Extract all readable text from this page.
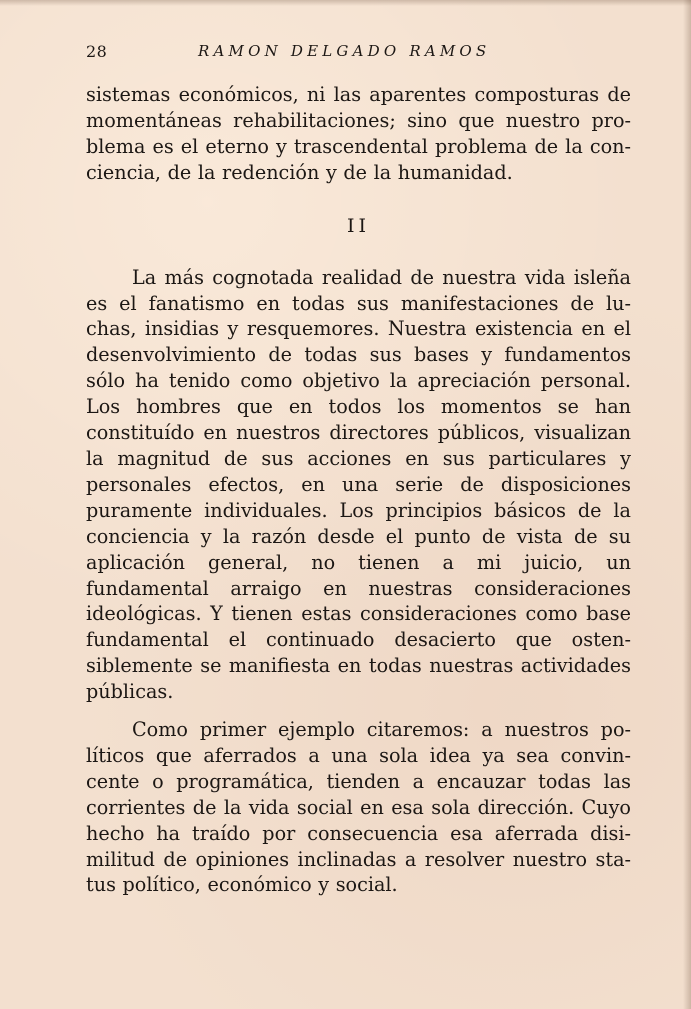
28	RAMON DELGADO RAMOS

sistemas económicos, ni las aparentes composturas de momentáneas rehabilitaciones; sino que nuestro problema es el eterno y trascendental problema de la conciencia, de la redención y de la humanidad.

II

La más cognotada realidad de nuestra vida isleña es el fanatismo en todas sus manifestaciones de luchas, insidias y resquemores. Nuestra existencia en el desenvolvimiento de todas sus bases y fundamentos sólo ha tenido como objetivo la apreciación personal. Los hombres que en todos los momentos se han constituído en nuestros directores públicos, visualizan la magnitud de sus acciones en sus particulares y personales efectos, en una serie de disposiciones puramente individuales. Los principios básicos de la conciencia y la razón desde el punto de vista de su aplicación general, no tienen a mi juicio, un fundamental arraigo en nuestras consideraciones ideológicas. Y tienen estas consideraciones como base fundamental el continuado desacierto que ostensiblemente se manifiesta en todas nuestras actividades públicas.

Como primer ejemplo citaremos: a nuestros políticos que aferrados a una sola idea ya sea convincente o programática, tienden a encauzar todas las corrientes de la vida social en esa sola dirección. Cuyo hecho ha traído por consecuencia esa aferrada disimilitud de opiniones inclinadas a resolver nuestro status político, económico y social.
